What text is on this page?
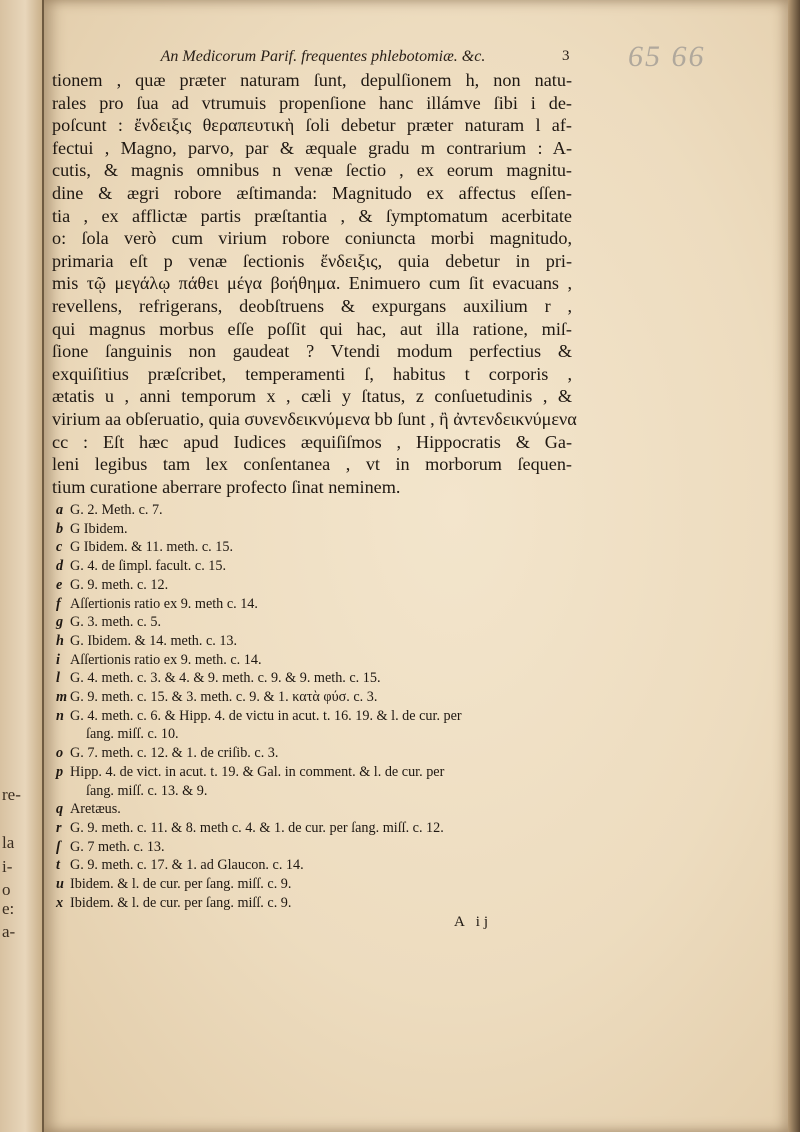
re-
la
i-
o
e:
a-
An Medicorum Parif. frequentes phlebotomiæ. &c.	3 65 66
tionem , quæ præter naturam ſunt, depulſionem h, non natu-
rales pro ſua ad vtrumuis propenſione hanc illámve ſibi i de-
poſcunt : ἔνδειξις θεραπευτικὴ ſoli debetur præter naturam l af-
fectui , Magno, parvo, par & æquale gradu m contrarium : A-
cutis, & magnis omnibus n venæ ſectio , ex eorum magnitu-
dine & ægri robore æſtimanda: Magnitudo ex affectus eſſen-
tia , ex afflictæ partis præſtantia , & ſymptomatum acerbitate
o: ſola verò cum virium robore coniuncta morbi magnitudo,
primaria eſt p venæ ſectionis ἔνδειξις, quia debetur in pri-
mis τῷ μεγάλῳ πάθει μέγα βοήθημα. Enimuero cum ſit evacuans ,
revellens, refrigerans, deobſtruens & expurgans auxilium r ,
qui magnus morbus eſſe poſſit qui hac, aut illa ratione, miſ-
ſione ſanguinis non gaudeat ? Vtendi modum perfectius &
exquiſitius præſcribet, temperamenti ſ, habitus t corporis ,
ætatis u , anni temporum x , cæli y ſtatus, z conſuetudinis , &
virium aa obſeruatio, quia συνενδεικνύμενα bb ſunt , ἢ ἀντενδεικνύμενα
cc : Eſt hæc apud Iudices æquiſiſmos , Hippocratis & Ga-
leni legibus tam lex conſentanea , vt in morborum ſequen-
tium curatione aberrare profecto ſinat neminem.
a G. 2. Meth. c. 7.
b G Ibidem.
c G Ibidem. & 11. meth. c. 15.
d G. 4. de ſimpl. facult. c. 15.
e G. 9. meth. c. 12.
f Aſſertionis ratio ex 9. meth c. 14.
g G. 3. meth. c. 5.
h G. Ibidem. & 14. meth. c. 13.
i Aſſertionis ratio ex 9. meth. c. 14.
l G. 4. meth. c. 3. & 4. & 9. meth. c. 9. & 9. meth. c. 15.
m G. 9. meth. c. 15. & 3. meth. c. 9. & 1. κατὰ φύσ. c. 3.
n G. 4. meth. c. 6. & Hipp. 4. de victu in acut. t. 16. 19. & l. de cur. per
ſang. miſſ. c. 10.
o G. 7. meth. c. 12. & 1. de criſib. c. 3.
p Hipp. 4. de vict. in acut. t. 19. & Gal. in comment. & l. de cur. per
ſang. miſſ. c. 13. & 9.
q Aretæus.
r G. 9. meth. c. 11. & 8. meth c. 4. & 1. de cur. per ſang. miſſ. c. 12.
ſ G. 7 meth. c. 13.
t G. 9. meth. c. 17. & 1. ad Glaucon. c. 14.
u Ibidem. & l. de cur. per ſang. miſſ. c. 9.
x Ibidem. & l. de cur. per ſang. miſſ. c. 9.
A ij
